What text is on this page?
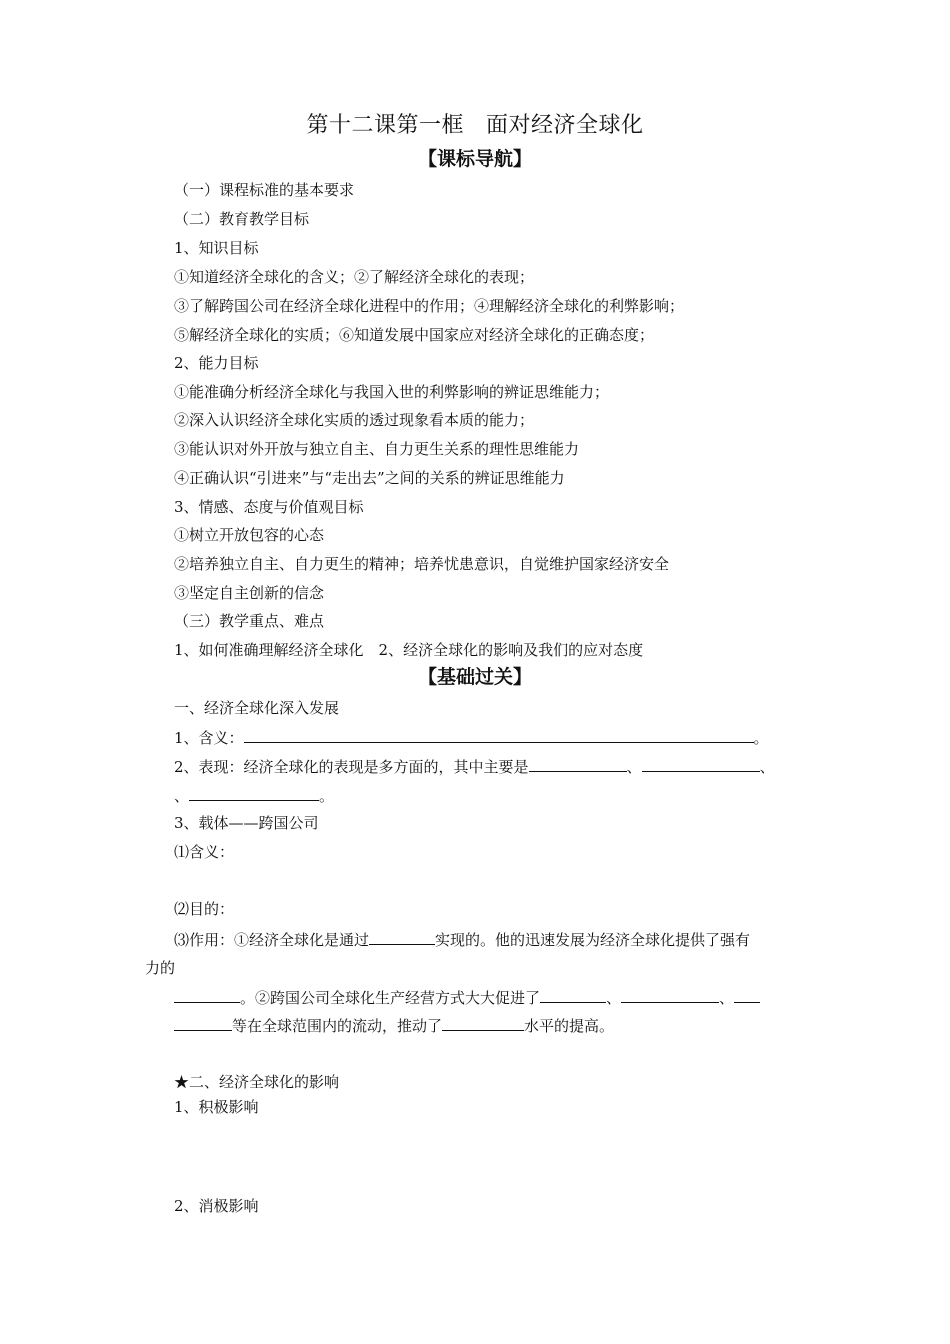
第十二课第一框 面对经济全球化
【课标导航】
（一）课程标准的基本要求
（二）教育教学目标
1、知识目标
①知道经济全球化的含义；②了解经济全球化的表现；
③了解跨国公司在经济全球化进程中的作用；④理解经济全球化的利弊影响；
⑤解经济全球化的实质；⑥知道发展中国家应对经济全球化的正确态度；
2、能力目标
①能准确分析经济全球化与我国入世的利弊影响的辨证思维能力；
②深入认识经济全球化实质的透过现象看本质的能力；
③能认识对外开放与独立自主、自力更生关系的理性思维能力
④正确认识“引进来”与“走出去”之间的关系的辨证思维能力
3、情感、态度与价值观目标
①树立开放包容的心态
②培养独立自主、自力更生的精神；培养忧患意识，自觉维护国家经济安全
③坚定自主创新的信念
（三）教学重点、难点
1、如何准确理解经济全球化　2、经济全球化的影响及我们的应对态度
【基础过关】
一、经济全球化深入发展
1、含义：	。
2、表现：经济全球化的表现是多方面的，其中主要是	、	、
、	。
3、载体——跨国公司
⑴含义：
⑵目的：
⑶作用：①经济全球化是通过	实现的。他的迅速发展为经济全球化提供了强有
力的
。②跨国公司全球化生产经营方式大大促进了	、	、
等在全球范围内的流动，推动了	水平的提高。
★二、经济全球化的影响
1、积极影响
2、消极影响
